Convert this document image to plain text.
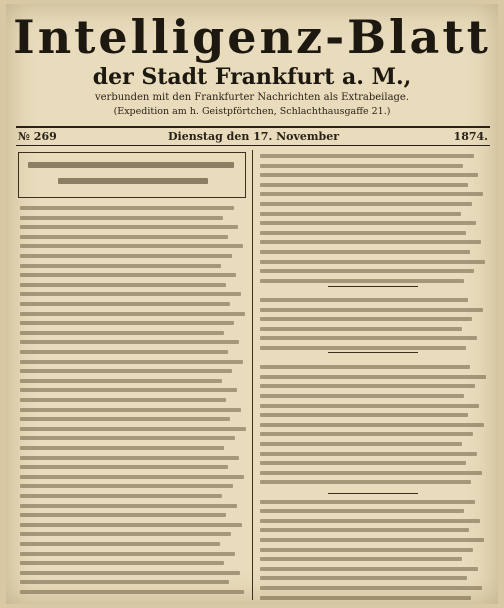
Intelligenz-Blatt
der Stadt Frankfurt a. M.,
verbunden mit den Frankfurter Nachrichten als Extrabeilage.
(Expedition am h. Geistpförtchen, Schlachthausgaffe 21.)
№ 269	Dienstag den 17. November	1874.
